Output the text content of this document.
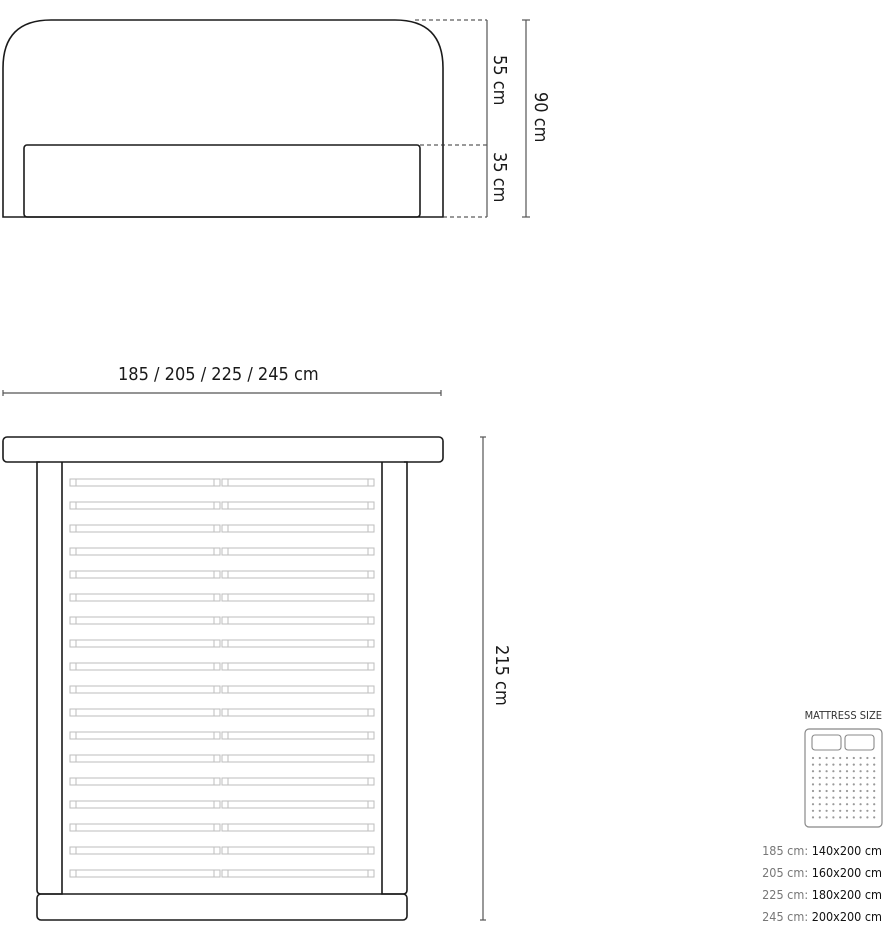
55 cm
35 cm
90 cm
185 / 205 / 225 / 245 cm
215 cm
MATTRESS SIZE
185 cm: 140x200 cm
205 cm: 160x200 cm
225 cm: 180x200 cm
245 cm: 200x200 cm
